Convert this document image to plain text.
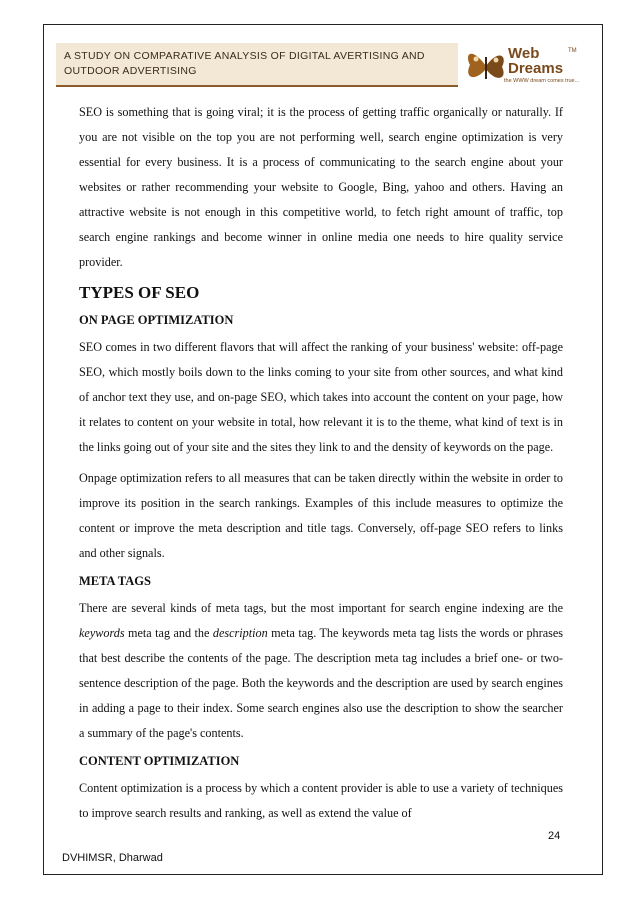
A STUDY ON COMPARATIVE ANALYSIS OF DIGITAL AVERTISING AND OUTDOOR ADVERTISING
Web
Dreams
TM
the WWW dream comes true...

SEO is something that is going viral; it is the process of getting traffic organically or naturally. If you are not visible on the top you are not performing well, search engine optimization is very essential for every business. It is a process of communicating to the search engine about your websites or rather recommending your website to Google, Bing, yahoo and others. Having an attractive website is not enough in this competitive world, to fetch right amount of traffic, top search engine rankings and become winner in online media one needs to hire quality service provider.

TYPES OF SEO
ON PAGE OPTIMIZATION

SEO comes in two different flavors that will affect the ranking of your business' website: off-page SEO, which mostly boils down to the links coming to your site from other sources, and what kind of anchor text they use, and on-page SEO, which takes into account the content on your page, how it relates to content on your website in total, how relevant it is to the theme, what kind of text is in the links going out of your site and the sites they link to and the density of keywords on the page.

Onpage optimization refers to all measures that can be taken directly within the website in order to improve its position in the search rankings. Examples of this include measures to optimize the content or improve the meta description and title tags. Conversely, off-page SEO refers to links and other signals.

META TAGS

There are several kinds of meta tags, but the most important for search engine indexing are the keywords meta tag and the description meta tag. The keywords meta tag lists the words or phrases that best describe the contents of the page. The description meta tag includes a brief one- or two-sentence description of the page. Both the keywords and the description are used by search engines in adding a page to their index. Some search engines also use the description to show the searcher a summary of the page's contents.

CONTENT OPTIMIZATION

Content optimization is a process by which a content provider is able to use a variety of techniques to improve search results and ranking, as well as extend the value of

24
DVHIMSR, Dharwad
